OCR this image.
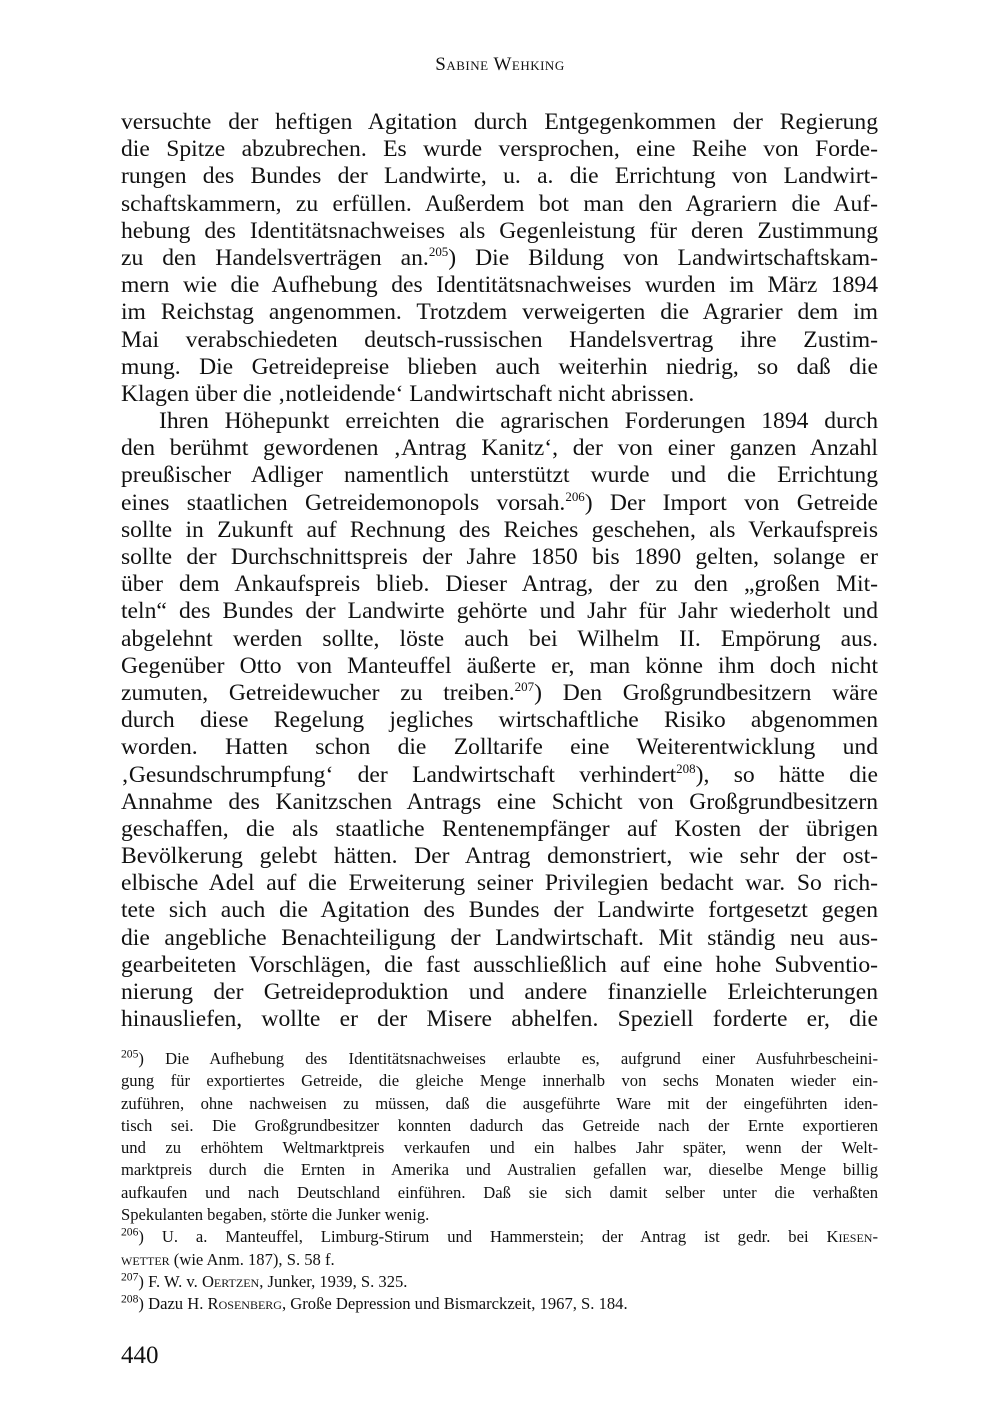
Sabine Wehking
versuchte der heftigen Agitation durch Entgegenkommen der Regierung
die Spitze abzubrechen. Es wurde versprochen, eine Reihe von Forde-
rungen des Bundes der Landwirte, u. a. die Errichtung von Landwirt-
schaftskammern, zu erfüllen. Außerdem bot man den Agrariern die Auf-
hebung des Identitätsnachweises als Gegenleistung für deren Zustimmung
zu den Handelsverträgen an.$^{205}$) Die Bildung von Landwirtschaftskam-
mern wie die Aufhebung des Identitätsnachweises wurden im März 1894
im Reichstag angenommen. Trotzdem verweigerten die Agrarier dem im
Mai verabschiedeten deutsch-russischen Handelsvertrag ihre Zustim-
mung. Die Getreidepreise blieben auch weiterhin niedrig, so daß die
Klagen über die ‚notleidende‘ Landwirtschaft nicht abrissen.
Ihren Höhepunkt erreichten die agrarischen Forderungen 1894 durch
den berühmt gewordenen ‚Antrag Kanitz‘, der von einer ganzen Anzahl
preußischer Adliger namentlich unterstützt wurde und die Errichtung
eines staatlichen Getreidemonopols vorsah.$^{206}$) Der Import von Getreide
sollte in Zukunft auf Rechnung des Reiches geschehen, als Verkaufspreis
sollte der Durchschnittspreis der Jahre 1850 bis 1890 gelten, solange er
über dem Ankaufspreis blieb. Dieser Antrag, der zu den „großen Mit-
teln“ des Bundes der Landwirte gehörte und Jahr für Jahr wiederholt und
abgelehnt werden sollte, löste auch bei Wilhelm II. Empörung aus.
Gegenüber Otto von Manteuffel äußerte er, man könne ihm doch nicht
zumuten, Getreidewucher zu treiben.$^{207}$) Den Großgrundbesitzern wäre
durch diese Regelung jegliches wirtschaftliche Risiko abgenommen
worden. Hatten schon die Zolltarife eine Weiterentwicklung und
‚Gesundschrumpfung‘ der Landwirtschaft verhindert$^{208}$), so hätte die
Annahme des Kanitzschen Antrags eine Schicht von Großgrundbesitzern
geschaffen, die als staatliche Rentenempfänger auf Kosten der übrigen
Bevölkerung gelebt hätten. Der Antrag demonstriert, wie sehr der ost-
elbische Adel auf die Erweiterung seiner Privilegien bedacht war. So rich-
tete sich auch die Agitation des Bundes der Landwirte fortgesetzt gegen
die angebliche Benachteiligung der Landwirtschaft. Mit ständig neu aus-
gearbeiteten Vorschlägen, die fast ausschließlich auf eine hohe Subventio-
nierung der Getreideproduktion und andere finanzielle Erleichterungen
hinausliefen, wollte er der Misere abhelfen. Speziell forderte er, die
$^{205}$) Die Aufhebung des Identitätsnachweises erlaubte es, aufgrund einer Ausfuhrbescheini-
gung für exportiertes Getreide, die gleiche Menge innerhalb von sechs Monaten wieder ein-
zuführen, ohne nachweisen zu müssen, daß die ausgeführte Ware mit der eingeführten iden-
tisch sei. Die Großgrundbesitzer konnten dadurch das Getreide nach der Ernte exportieren
und zu erhöhtem Weltmarktpreis verkaufen und ein halbes Jahr später, wenn der Welt-
marktpreis durch die Ernten in Amerika und Australien gefallen war, dieselbe Menge billig
aufkaufen und nach Deutschland einführen. Daß sie sich damit selber unter die verhaßten
Spekulanten begaben, störte die Junker wenig.
$^{206}$) U. a. Manteuffel, Limburg-Stirum und Hammerstein; der Antrag ist gedr. bei Kiesen-
wetter (wie Anm. 187), S. 58 f.
$^{207}$) F. W. v. Oertzen, Junker, 1939, S. 325.
$^{208}$) Dazu H. Rosenberg, Große Depression und Bismarckzeit, 1967, S. 184.
440
